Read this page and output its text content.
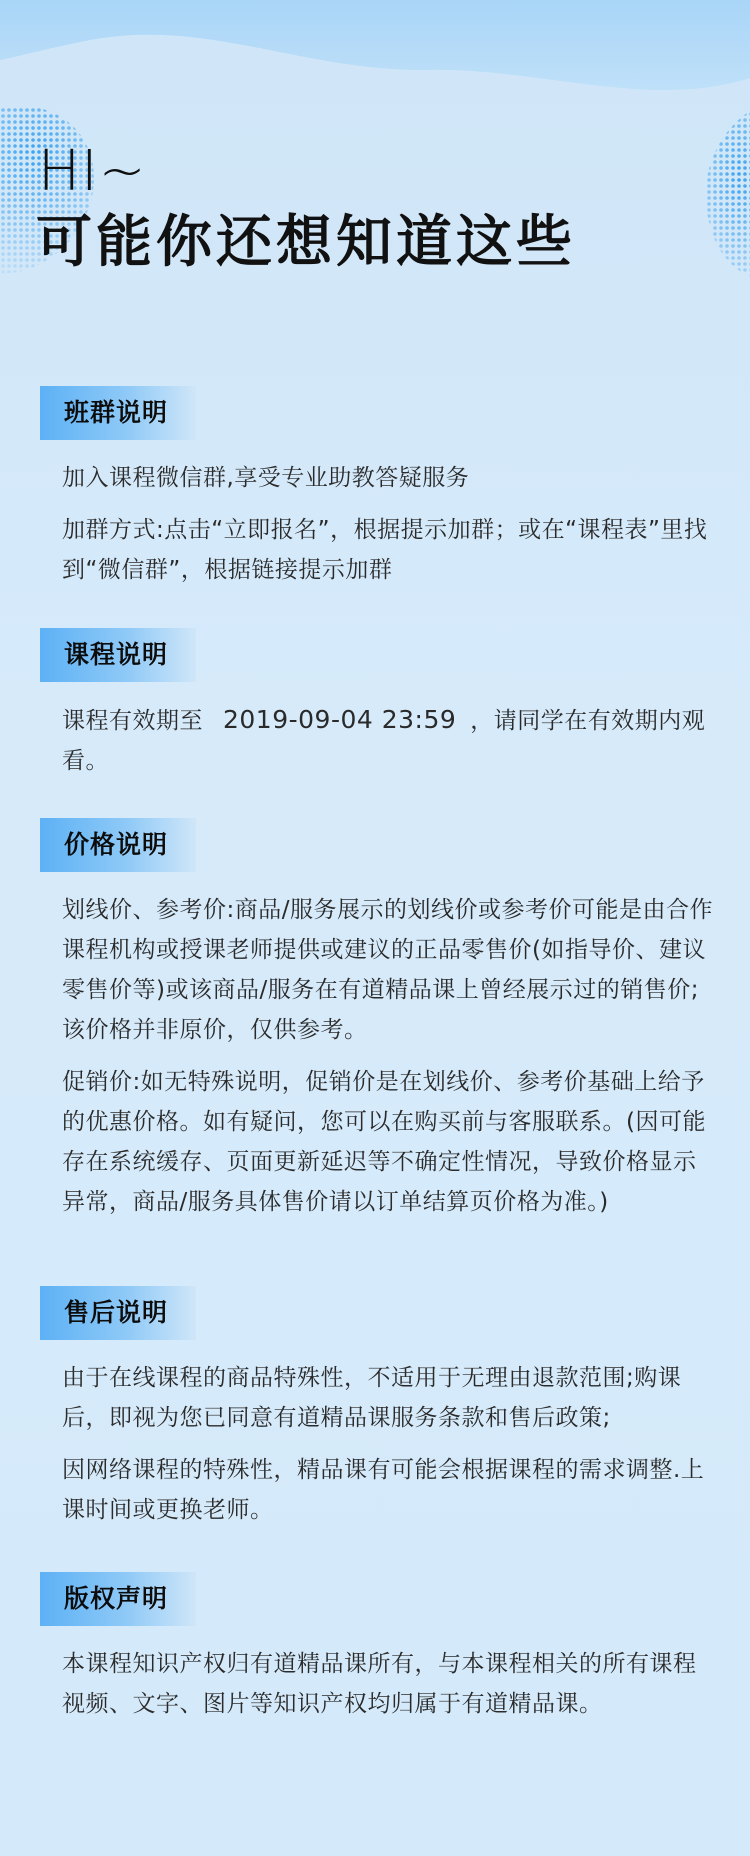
HI~
可能你还想知道这些
班群说明

加入课程微信群,享受专业助教答疑服务

加群方式:点击“立即报名”，根据提示加群；或在“课程表”里找到“微信群”，根据链接提示加群

课程说明

课程有效期至 2019-09-04 23:59 ，请同学在有效期内观看。

价格说明

划线价、参考价:商品/服务展示的划线价或参考价可能是由合作课程机构或授课老师提供或建议的正品零售价(如指导价、建议零售价等)或该商品/服务在有道精品课上曾经展示过的销售价;该价格并非原价，仅供参考。

促销价:如无特殊说明，促销价是在划线价、参考价基础上给予的优惠价格。如有疑问，您可以在购买前与客服联系。(因可能存在系统缓存、页面更新延迟等不确定性情况，导致价格显示异常，商品/服务具体售价请以订单结算页价格为准。)

售后说明

由于在线课程的商品特殊性，不适用于无理由退款范围;购课后，即视为您已同意有道精品课服务条款和售后政策;

因网络课程的特殊性，精品课有可能会根据课程的需求调整.上课时间或更换老师。

版权声明

本课程知识产权归有道精品课所有，与本课程相关的所有课程视频、文字、图片等知识产权均归属于有道精品课。
